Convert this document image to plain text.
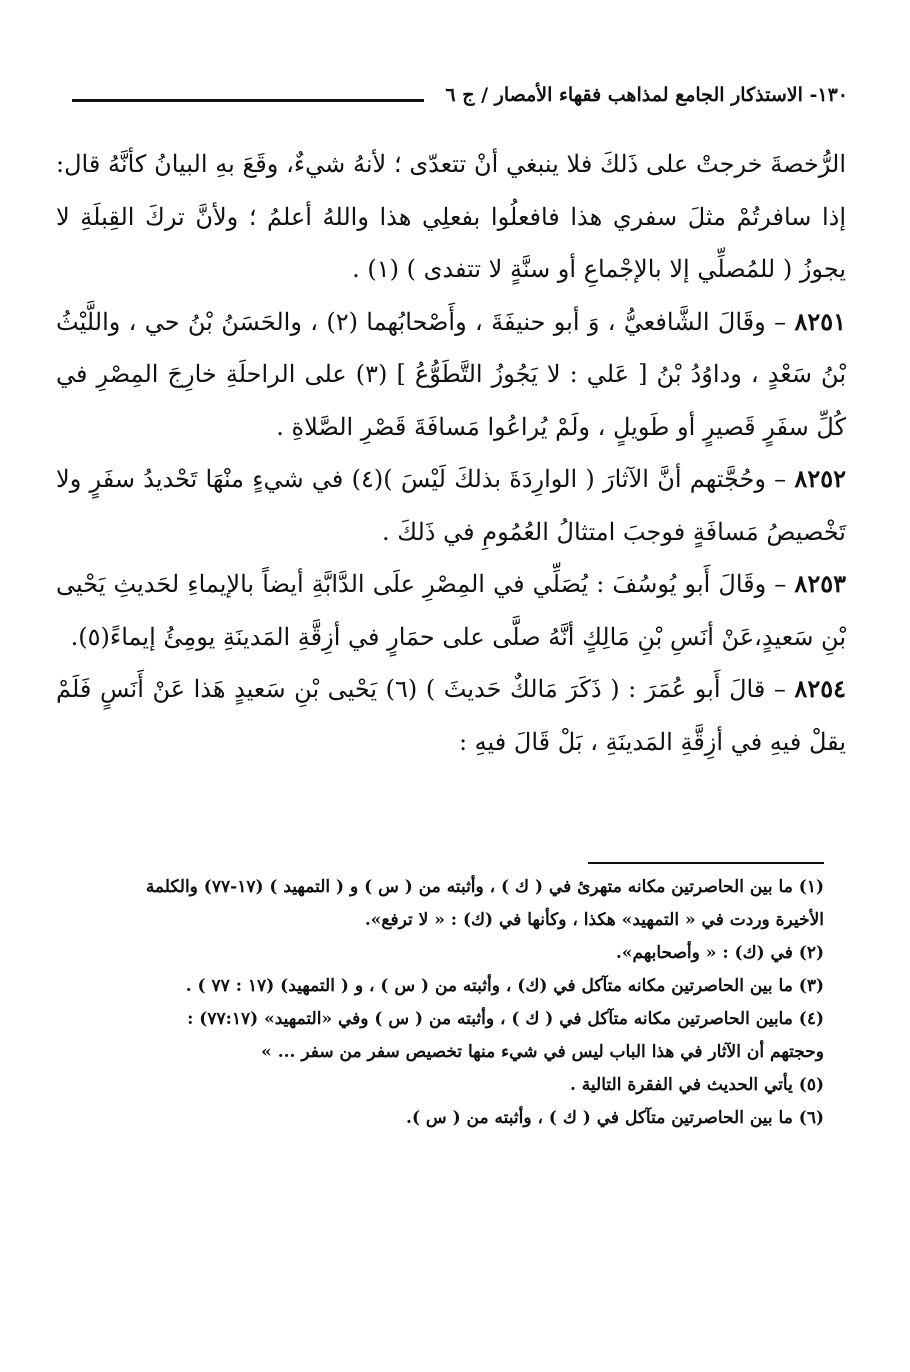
١٣٠- الاستذكار الجامع لمذاهب فقهاء الأمصار / ج ٦

الرُّخصةَ خرجتْ على ذَلكَ فلا ينبغي أنْ تتعدّى ؛ لأنهُ شيءٌ، وقَعَ بهِ البيانُ كأنَّهُ قال: إذا سافرتُمْ مثلَ سفري هذا فافعلُوا بفعلِي هذا واللهُ أعلمُ ؛ ولأنَّ تركَ القِبلَةِ لا يجوزُ ( للمُصلِّي إلا بالإجْماعِ أو سنَّةٍ لا تتفدى ) (١) .

٨٢٥١ – وقَالَ الشَّافعيُّ ، وَ أبو حنيفَةَ ، وأَصْحابُهما (٢) ، والحَسَنُ بْنُ حي ، واللَّيْثُ بْنُ سَعْدٍ ، وداوُدُ بْنُ [ عَلي : لا يَجُوزُ التَّطَوُّعُ ] (٣) على الراحلَةِ خارِجَ المِصْرِ في كُلِّ سفَرٍ قَصيرٍ أو طَويلٍ ، ولَمْ يُراعُوا مَسافَةَ قَصْرِ الصَّلاةِ .

٨٢٥٢ – وحُجَّتهم أنَّ الآثارَ ( الوارِدَةَ بذلكَ لَيْسَ )(٤) في شيءٍ منْهَا تَحْديدُ سفَرٍ ولا تَخْصيصُ مَسافَةٍ فوجبَ امتثالُ العُمُومِ في ذَلكَ .

٨٢٥٣ – وقَالَ أَبو يُوسُفَ : يُصَلِّي في المِصْرِ علَى الدَّابَّةِ أيضاً بالإيماءِ لحَديثِ يَحْيى بْنِ سَعيدٍ،عَنْ أنَسِ بْنِ مَالِكٍ أنَّهُ صلَّى على حمَارٍ في أزِقَّةِ المَدينَةِ يومِئُ إيماءً(٥).

٨٢٥٤ – قالَ أَبو عُمَرَ : ( ذَكَرَ مَالكٌ حَديثَ ) (٦) يَحْيى بْنِ سَعيدٍ هَذا عَنْ أَنَسٍ فَلَمْ يقلْ فيهِ في أزِقَّةِ المَدينَةِ ، بَلْ قَالَ فيهِ :

(١) ما بين الحاصرتين مكانه متهرئ في ( ك ) ، وأثبته من ( س ) و ( التمهيد ) (١٧-٧٧) والكلمة

الأخيرة وردت في « التمهيد» هكذا ، وكأنها في (ك) : « لا ترفع».

(٢) في (ك) : « وأصحابهم».

(٣) ما بين الحاصرتين مكانه متآكل في (ك) ، وأثبته من ( س ) ، و ( التمهيد) (١٧ : ٧٧ ) .

(٤) مابين الحاصرتين مكانه متآكل في ( ك ) ، وأثبته من ( س ) وفي «التمهيد» (٧٧:١٧) :

وحجتهم أن الآثار في هذا الباب ليس في شيء منها تخصيص سفر من سفر ... »

(٥) يأتي الحديث في الفقرة التالية .

(٦) ما بين الحاصرتين متآكل في ( ك ) ، وأثبته من ( س ).
